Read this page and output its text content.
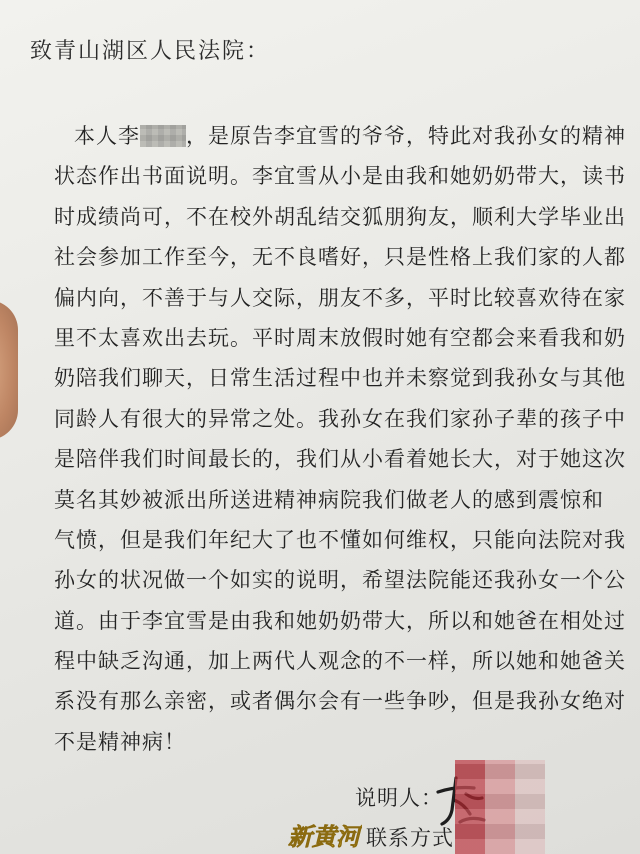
致青山湖区人民法院：
本人李 ，是原告李宜雪的爷爷，特此对我孙女的精神
状态作出书面说明。李宜雪从小是由我和她奶奶带大，读书
时成绩尚可，不在校外胡乱结交狐朋狗友，顺利大学毕业出
社会参加工作至今，无不良嗜好，只是性格上我们家的人都
偏内向，不善于与人交际，朋友不多，平时比较喜欢待在家
里不太喜欢出去玩。平时周末放假时她有空都会来看我和奶
奶陪我们聊天，日常生活过程中也并未察觉到我孙女与其他
同龄人有很大的异常之处。我孙女在我们家孙子辈的孩子中
是陪伴我们时间最长的，我们从小看着她长大，对于她这次
莫名其妙被派出所送进精神病院我们做老人的感到震惊和
气愤，但是我们年纪大了也不懂如何维权，只能向法院对我
孙女的状况做一个如实的说明，希望法院能还我孙女一个公
道。由于李宜雪是由我和她奶奶带大，所以和她爸在相处过
程中缺乏沟通，加上两代人观念的不一样，所以她和她爸关
系没有那么亲密，或者偶尔会有一些争吵，但是我孙女绝对
不是精神病！
说明人：
新黄河 联系方式
